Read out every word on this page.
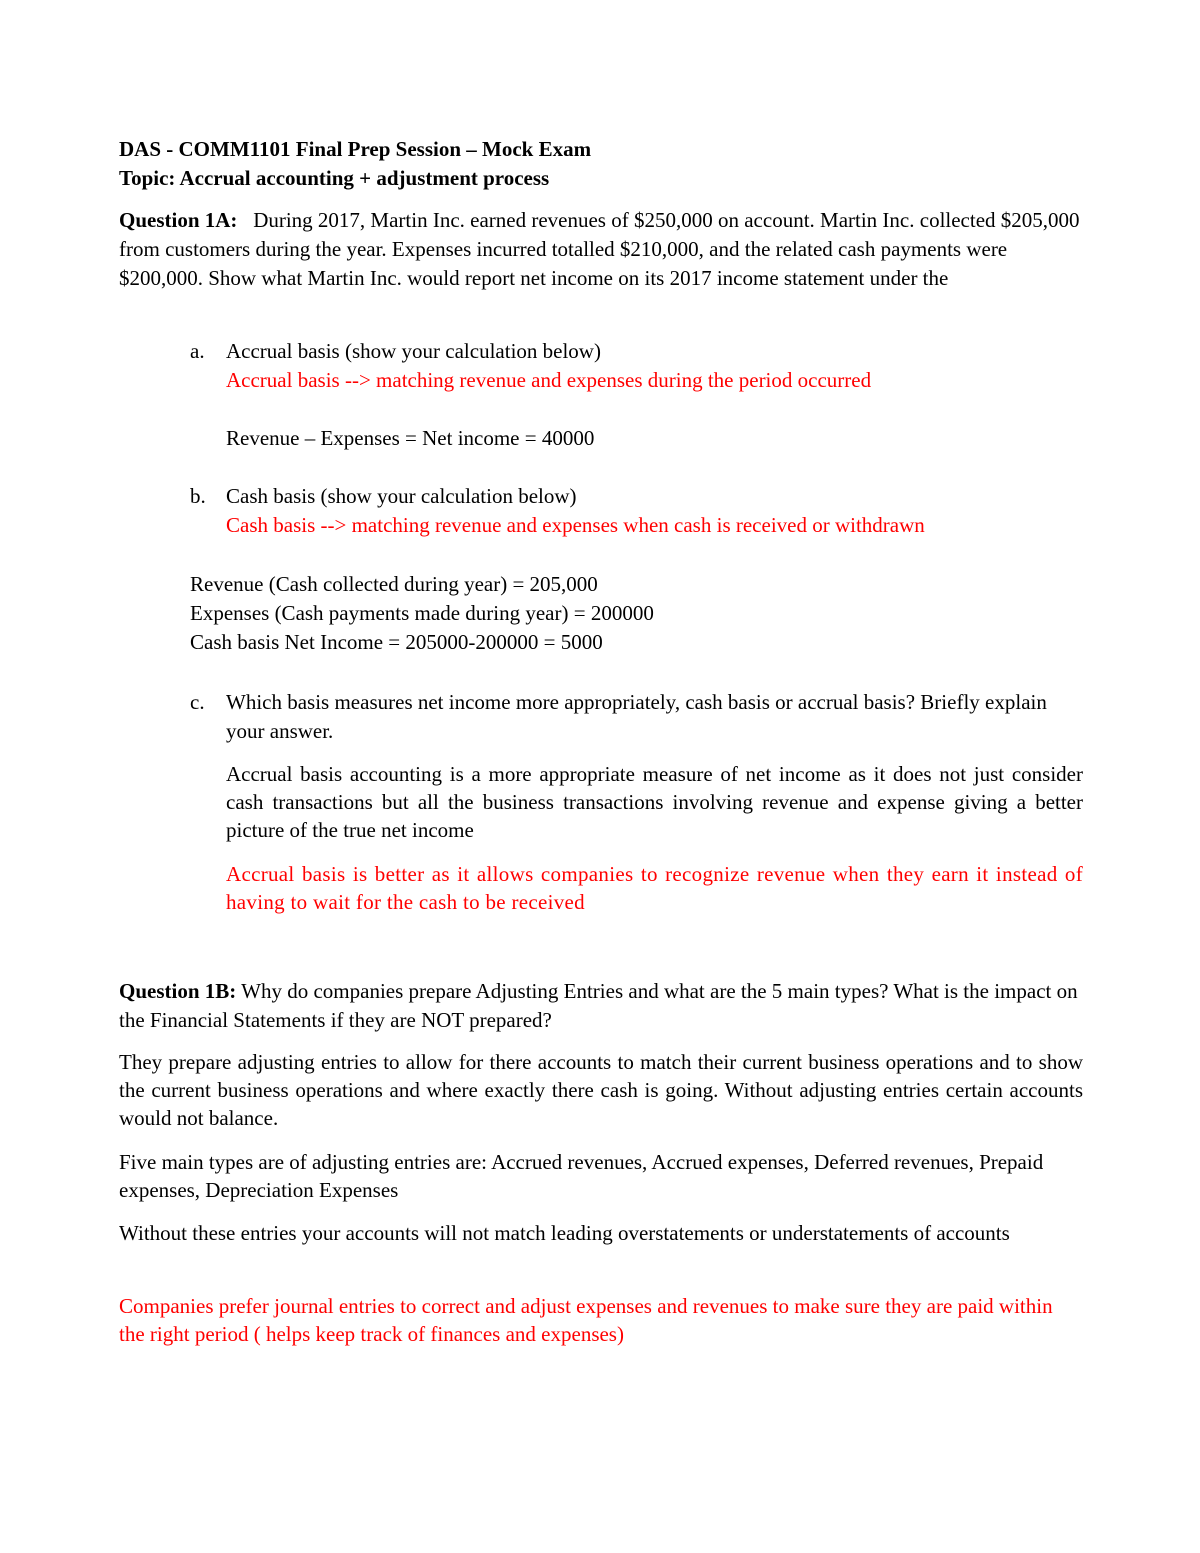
DAS - COMM1101 Final Prep Session – Mock Exam
Topic: Accrual accounting + adjustment process

Question 1A: During 2017, Martin Inc. earned revenues of $250,000 on account. Martin Inc. collected $205,000 from customers during the year. Expenses incurred totalled $210,000, and the related cash payments were $200,000. Show what Martin Inc. would report net income on its 2017 income statement under the

a. Accrual basis (show your calculation below)
Accrual basis --> matching revenue and expenses during the period occurred
Revenue – Expenses = Net income = 40000
b. Cash basis (show your calculation below)
Cash basis --> matching revenue and expenses when cash is received or withdrawn
Revenue (Cash collected during year) = 205,000
Expenses (Cash payments made during year) = 200000
Cash basis Net Income = 205000-200000 = 5000
c. Which basis measures net income more appropriately, cash basis or accrual basis? Briefly explain your answer.

Accrual basis accounting is a more appropriate measure of net income as it does not just consider cash transactions but all the business transactions involving revenue and expense giving a better picture of the true net income

Accrual basis is better as it allows companies to recognize revenue when they earn it instead of having to wait for the cash to be received

Question 1B: Why do companies prepare Adjusting Entries and what are the 5 main types? What is the impact on the Financial Statements if they are NOT prepared?

They prepare adjusting entries to allow for there accounts to match their current business operations and to show the current business operations and where exactly there cash is going. Without adjusting entries certain accounts would not balance.

Five main types are of adjusting entries are: Accrued revenues, Accrued expenses, Deferred revenues, Prepaid expenses, Depreciation Expenses

Without these entries your accounts will not match leading overstatements or understatements of accounts

Companies prefer journal entries to correct and adjust expenses and revenues to make sure they are paid within the right period ( helps keep track of finances and expenses)
